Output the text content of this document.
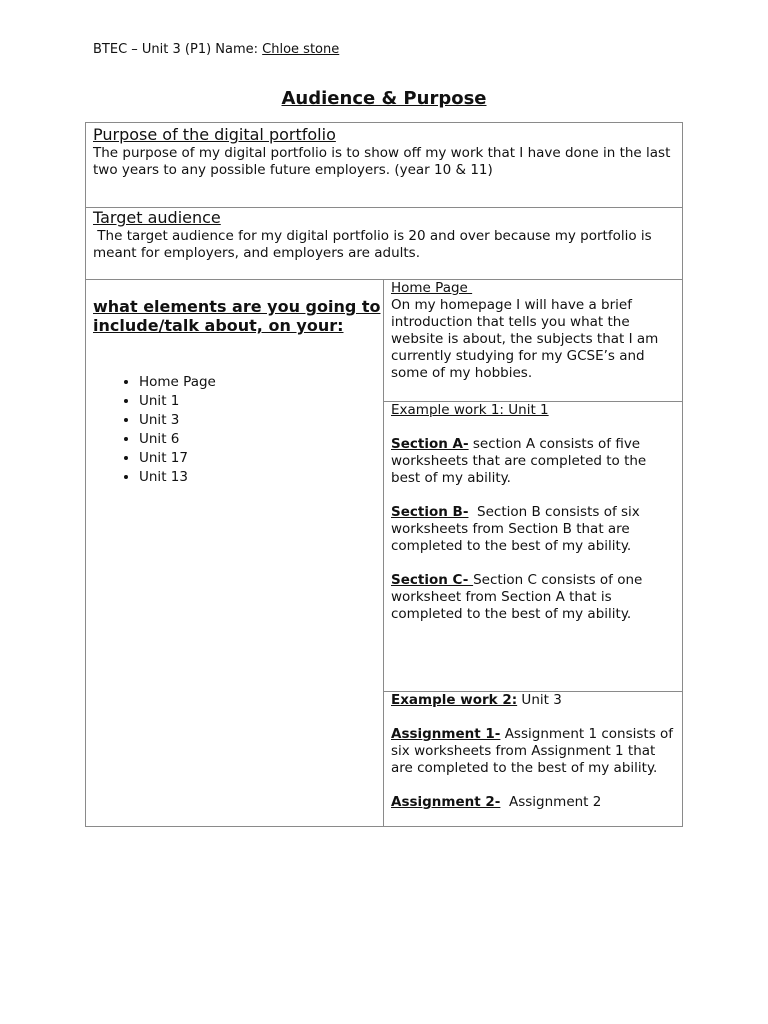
BTEC – Unit 3 (P1) Name: Chloe stone
Audience & Purpose
Purpose of the digital portfolio
The purpose of my digital portfolio is to show off my work that I have done in the last two years to any possible future employers. (year 10 & 11)
Target audience
The target audience for my digital portfolio is 20 and over because my portfolio is meant for employers, and employers are adults.
what elements are you going to include/talk about, on your:
• Home Page
• Unit 1
• Unit 3
• Unit 6
• Unit 17
• Unit 13

Home Page

On my homepage I will have a brief introduction that tells you what the website is about, the subjects that I am currently studying for my GCSE’s and some of my hobbies.

Example work 1: Unit 1

Section A- section A consists of five worksheets that are completed to the best of my ability.

Section B-  Section B consists of six worksheets from Section B that are completed to the best of my ability.

Section C- Section C consists of one worksheet from Section A that is completed to the best of my ability.

Example work 2: Unit 3

Assignment 1- Assignment 1 consists of six worksheets from Assignment 1 that are completed to the best of my ability.

Assignment 2-  Assignment 2
